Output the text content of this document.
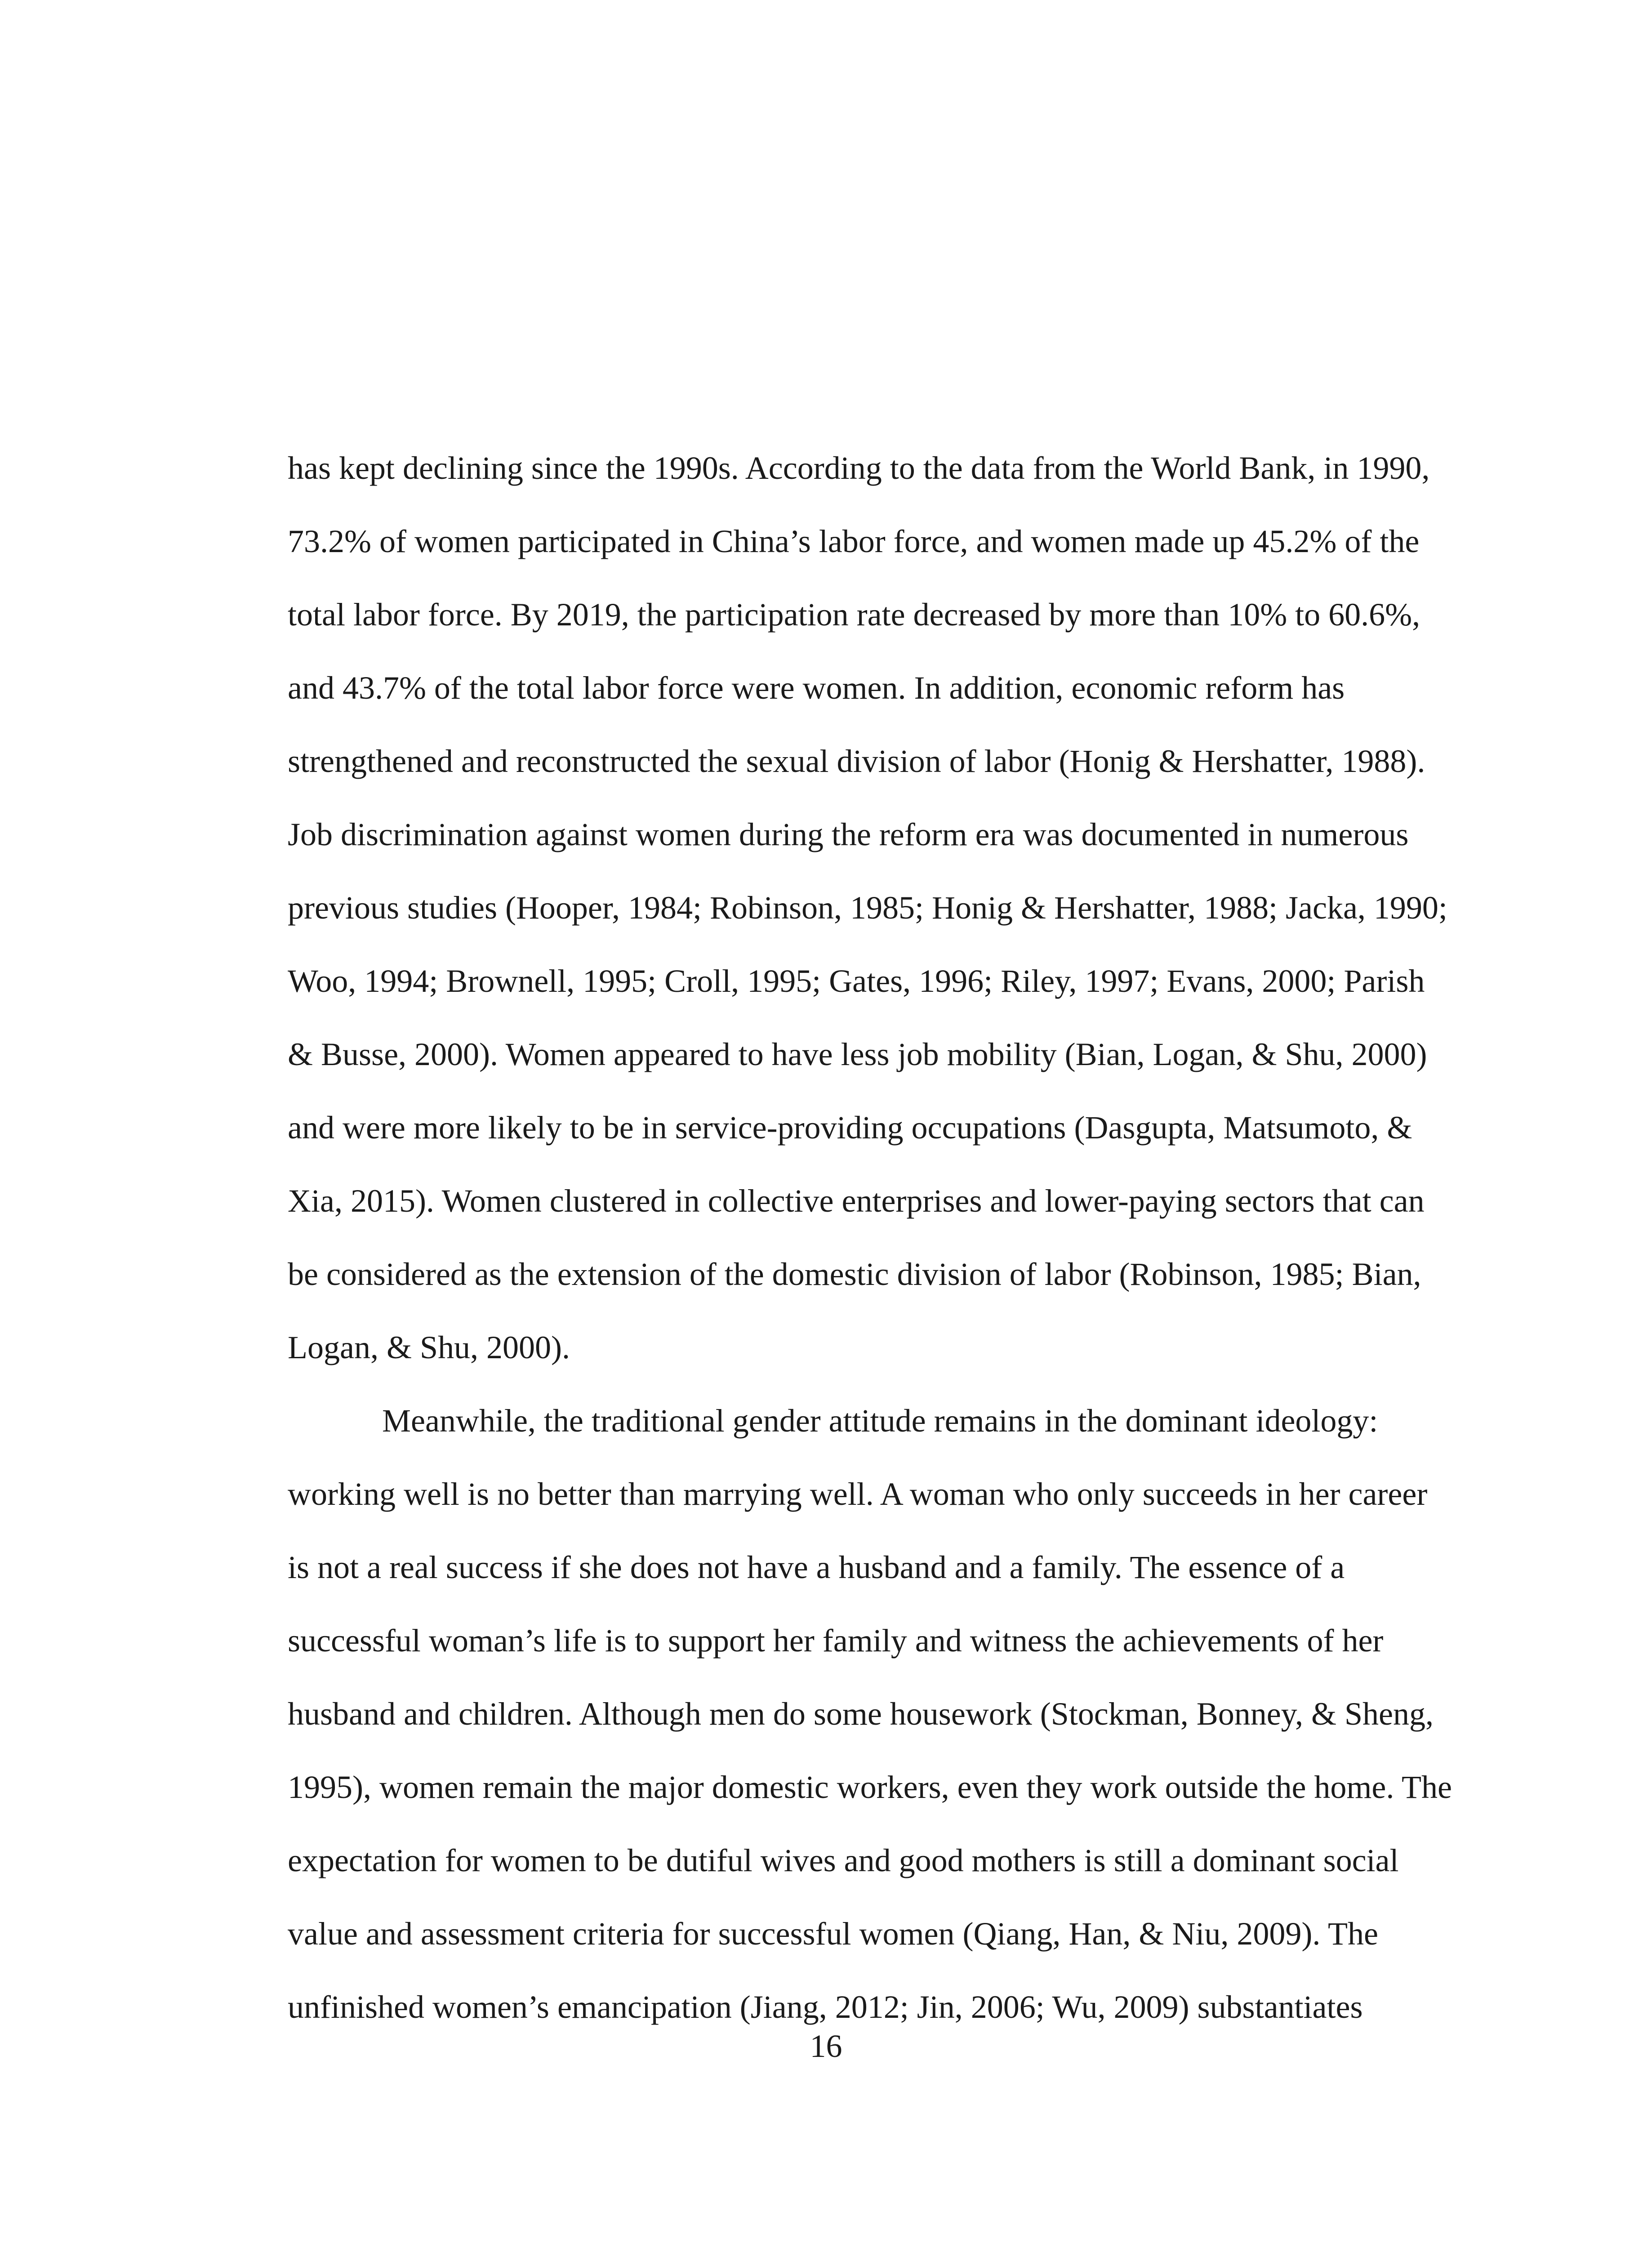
has kept declining since the 1990s. According to the data from the World Bank, in 1990,
73.2% of women participated in China’s labor force, and women made up 45.2% of the
total labor force. By 2019, the participation rate decreased by more than 10% to 60.6%,
and 43.7% of the total labor force were women. In addition, economic reform has
strengthened and reconstructed the sexual division of labor (Honig & Hershatter, 1988).
Job discrimination against women during the reform era was documented in numerous
previous studies (Hooper, 1984; Robinson, 1985; Honig & Hershatter, 1988; Jacka, 1990;
Woo, 1994; Brownell, 1995; Croll, 1995; Gates, 1996; Riley, 1997; Evans, 2000; Parish
& Busse, 2000). Women appeared to have less job mobility (Bian, Logan, & Shu, 2000)
and were more likely to be in service-providing occupations (Dasgupta, Matsumoto, &
Xia, 2015). Women clustered in collective enterprises and lower-paying sectors that can
be considered as the extension of the domestic division of labor (Robinson, 1985; Bian,
Logan, & Shu, 2000).
Meanwhile, the traditional gender attitude remains in the dominant ideology:
working well is no better than marrying well. A woman who only succeeds in her career
is not a real success if she does not have a husband and a family. The essence of a
successful woman’s life is to support her family and witness the achievements of her
husband and children. Although men do some housework (Stockman, Bonney, & Sheng,
1995), women remain the major domestic workers, even they work outside the home. The
expectation for women to be dutiful wives and good mothers is still a dominant social
value and assessment criteria for successful women (Qiang, Han, & Niu, 2009). The
unfinished women’s emancipation (Jiang, 2012; Jin, 2006; Wu, 2009) substantiates
16
